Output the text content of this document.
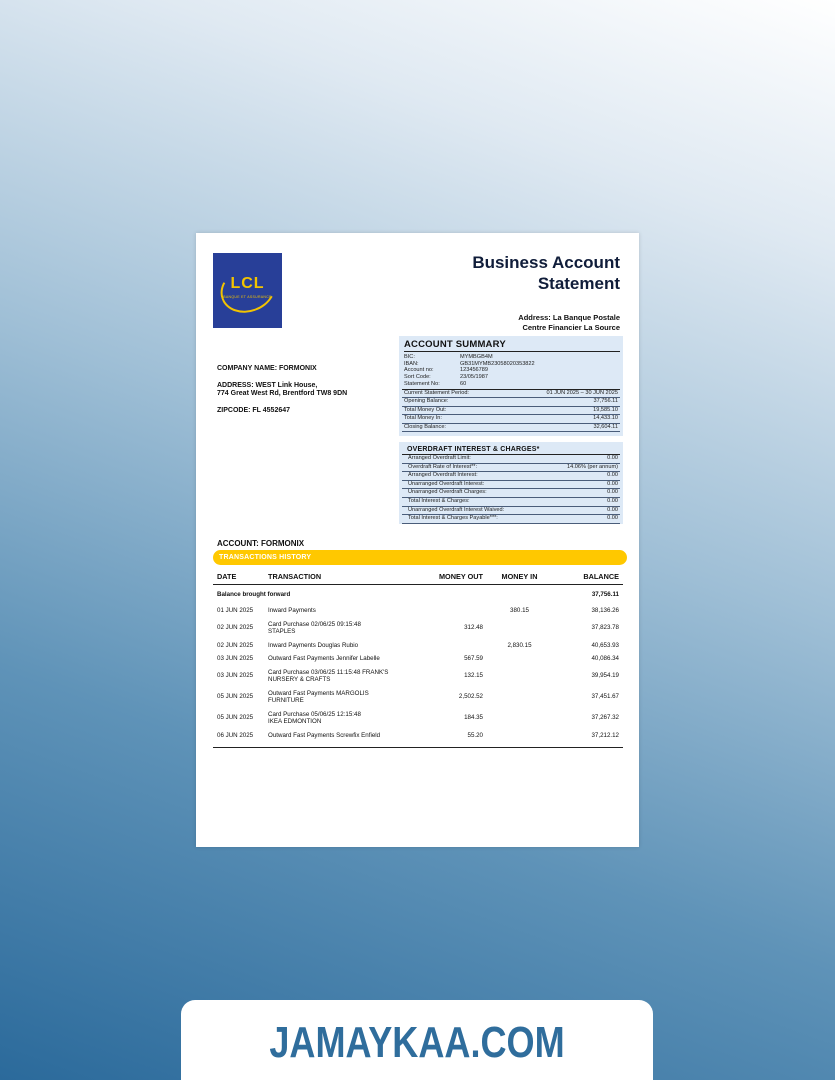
LCL
BANQUE ET ASSURANCE
Business Account
Statement
Address: La Banque Postale
Centre Financier La Source
COMPANY NAME: FORMONIX
ADDRESS: WEST Link House,
774 Great West Rd, Brentford TW8 9DN
ZIPCODE: FL 4552647
ACCOUNT SUMMARY
BIC:	MYMBGB4M
IBAN:	GB31MYMB23058020353822
Account no:	123456789
Sort Code:	23/05/1987
Statement No:	60
Current Statement Period:	01 JUN 2025 – 30 JUN 2025
Opening Balance:	37,756.11
Total Money Out:	19,585.10
Total Money In:	14,433.10
Closing Balance:	32,604.11
OVERDRAFT INTEREST & CHARGES*
Arranged Overdraft Limit:	0.00
Overdraft Rate of Interest**:	14.06% (per annum)
Arranged Overdraft Interest:	0.00
Unarranged Overdraft Interest:	0.00
Unarranged Overdraft Charges:	0.00
Total Interest & Charges:	0.00
Unarranged Overdraft Interest Waived:	0.00
Total Interest & Charges Payable***:	0.00
ACCOUNT: FORMONIX
TRANSACTIONS HISTORY
DATE	TRANSACTION	MONEY OUT	MONEY IN	BALANCE
Balance brought forward				37,756.11
01 JUN 2025	Inward Payments		380.15	38,136.26
02 JUN 2025	Card Purchase 02/06/25 09:15:48
STAPLES	312.48		37,823.78
02 JUN 2025	Inward Payments Douglas Rubio		2,830.15	40,653.93
03 JUN 2025	Outward Fast Payments Jennifer Labelle	567.59		40,086.34
03 JUN 2025	Card Purchase 03/06/25 11:15:48 FRANK'S
NURSERY & CRAFTS	132.15		39,954.19
05 JUN 2025	Outward Fast Payments MARGOLIS
FURNITURE	2,502.52		37,451.67
05 JUN 2025	Card Purchase 05/06/25 12:15:48
IKEA EDMONTION	184.35		37,267.32
06 JUN 2025	Outward Fast Payments Screwfix Enfield	55.20		37,212.12
JAMAYKAA.COM
